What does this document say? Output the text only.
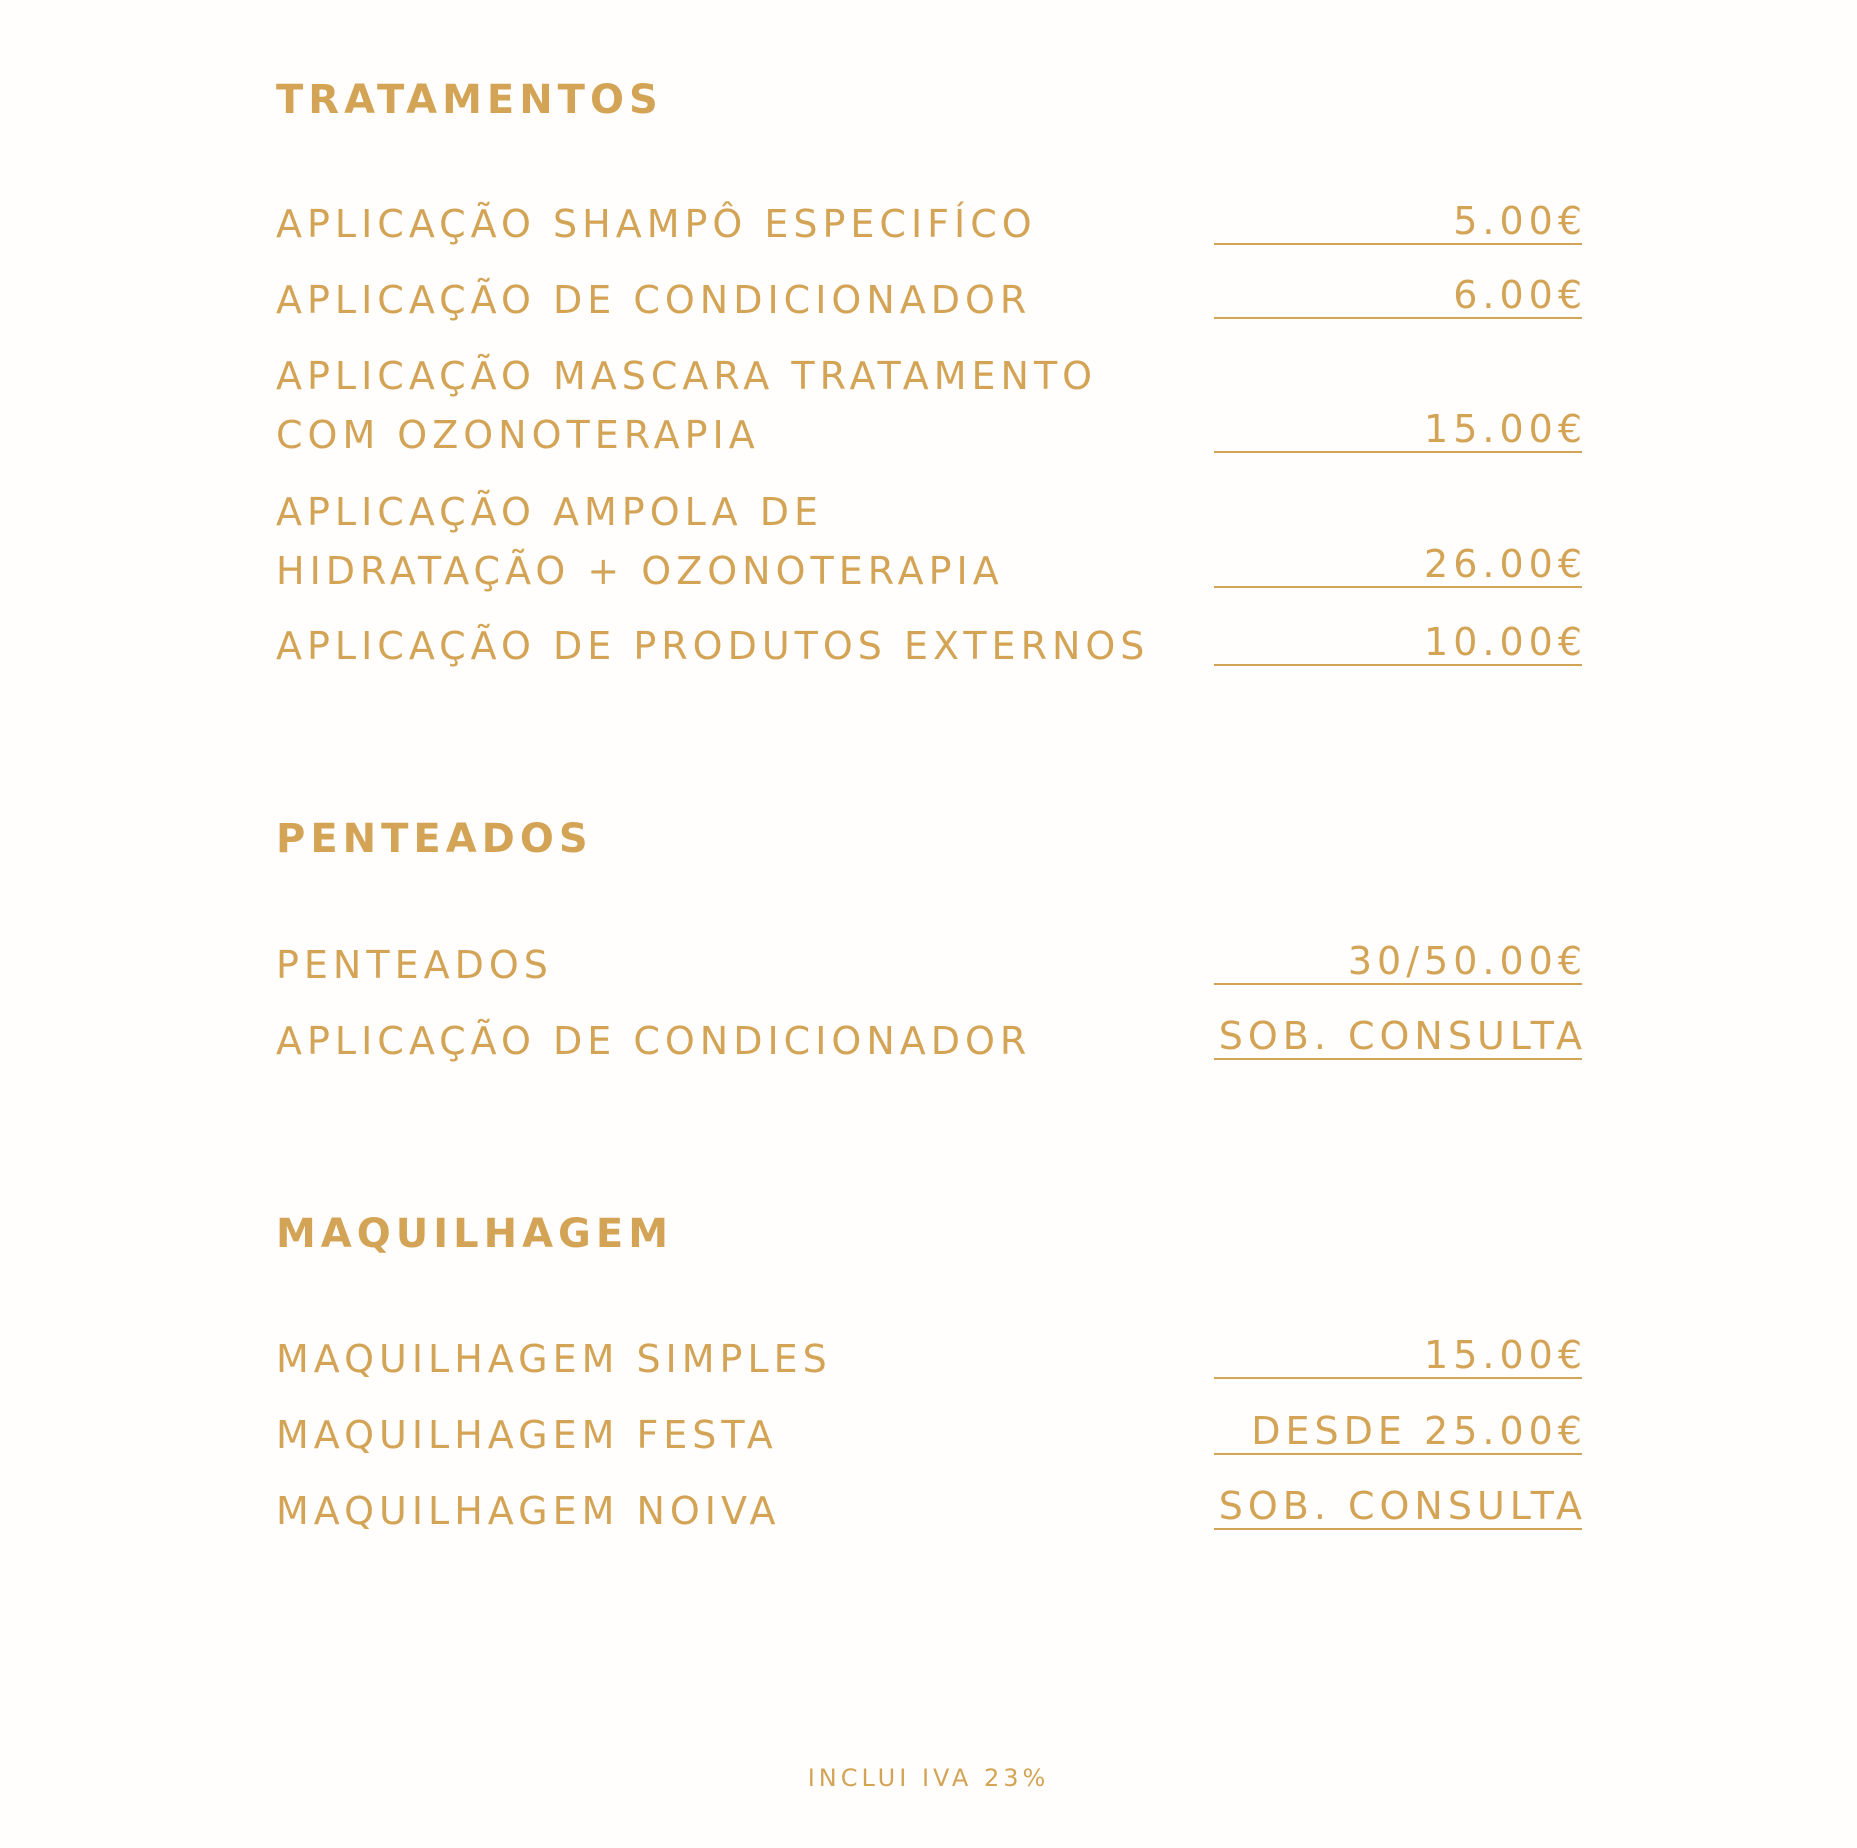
TRATAMENTOS
APLICAÇÃO SHAMPÔ ESPECIFÍCO	5.00€
APLICAÇÃO DE CONDICIONADOR	6.00€
APLICAÇÃO MASCARA TRATAMENTO
COM OZONOTERAPIA	15.00€
APLICAÇÃO AMPOLA DE
HIDRATAÇÃO + OZONOTERAPIA	26.00€
APLICAÇÃO DE PRODUTOS EXTERNOS	10.00€
PENTEADOS
PENTEADOS	30/50.00€
APLICAÇÃO DE CONDICIONADOR	SOB. CONSULTA
MAQUILHAGEM
MAQUILHAGEM SIMPLES	15.00€
MAQUILHAGEM FESTA	DESDE 25.00€
MAQUILHAGEM NOIVA	SOB. CONSULTA
INCLUI IVA 23%
